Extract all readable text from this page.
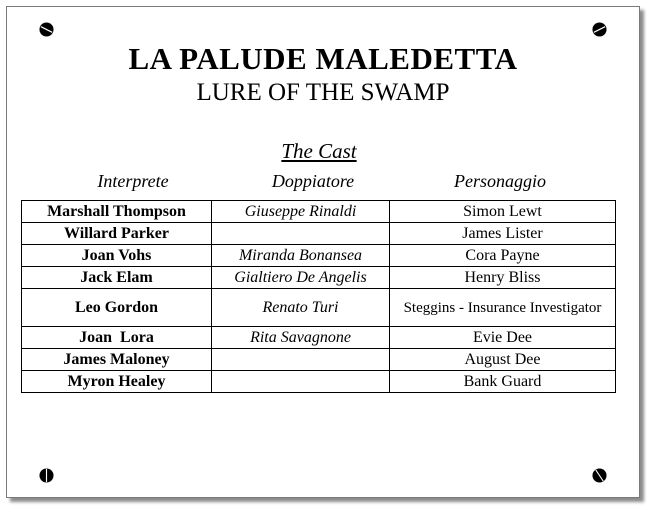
LA PALUDE MALEDETTA
LURE OF THE SWAMP
The Cast
Interprete	Doppiatore	Personaggio
Marshall Thompson	Giuseppe Rinaldi	Simon Lewt
Willard Parker		James Lister
Joan Vohs	Miranda Bonansea	Cora Payne
Jack Elam	Gialtiero De Angelis	Henry Bliss
Leo Gordon	Renato Turi	Steggins - Insurance Investigator
Joan  Lora	Rita Savagnone	Evie Dee
James Maloney		August Dee
Myron Healey		Bank Guard
